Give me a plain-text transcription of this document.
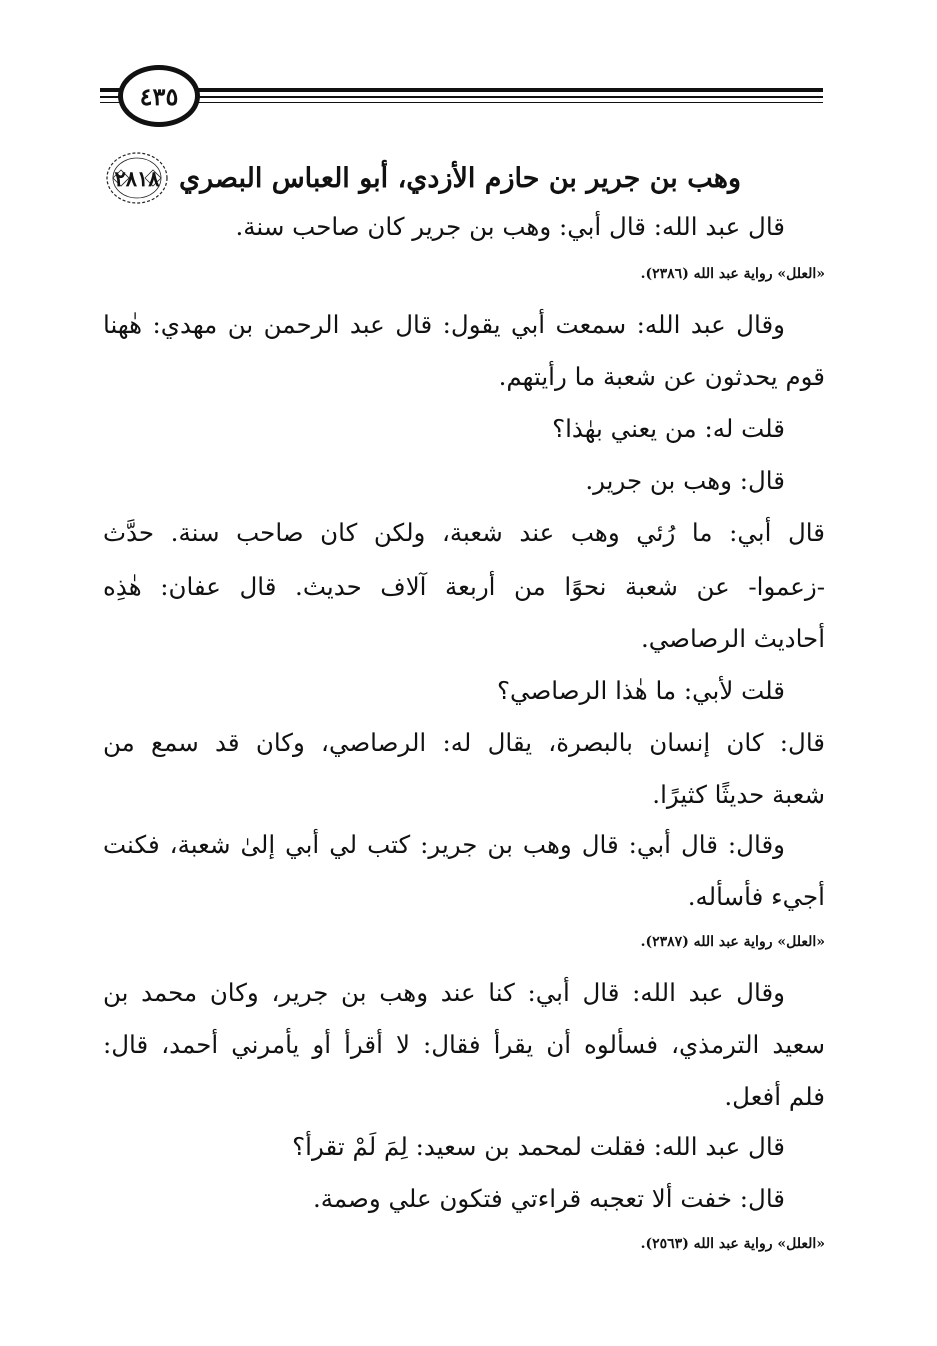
٤٣٥
٢٨١٨ وهب بن جرير بن حازم الأزدي، أبو العباس البصري
قال عبد الله: قال أبي: وهب بن جرير كان صاحب سنة.
«العلل» رواية عبد الله (٢٣٨٦).
وقال عبد الله: سمعت أبي يقول: قال عبد الرحمن بن مهدي: هٰهنا
قوم يحدثون عن شعبة ما رأيتهم.
قلت له: من يعني بهٰذا؟
قال: وهب بن جرير.
قال أبي: ما رُئي وهب عند شعبة، ولكن كان صاحب سنة. حدَّث
-زعموا- عن شعبة نحوًا من أربعة آلاف حديث. قال عفان: هٰذِه
أحاديث الرصاصي.
قلت لأبي: ما هٰذا الرصاصي؟
قال: كان إنسان بالبصرة، يقال له: الرصاصي، وكان قد سمع من
شعبة حديثًا كثيرًا.
وقال: قال أبي: قال وهب بن جرير: كتب لي أبي إلىٰ شعبة، فكنت
أجيء فأسأله.
«العلل» رواية عبد الله (٢٣٨٧).
وقال عبد الله: قال أبي: كنا عند وهب بن جرير، وكان محمد بن
سعيد الترمذي، فسألوه أن يقرأ فقال: لا أقرأ أو يأمرني أحمد، قال:
فلم أفعل.
قال عبد الله: فقلت لمحمد بن سعيد: لِمَ لَمْ تقرأ؟
قال: خفت ألا تعجبه قراءتي فتكون علي وصمة.
«العلل» رواية عبد الله (٢٥٦٣).
